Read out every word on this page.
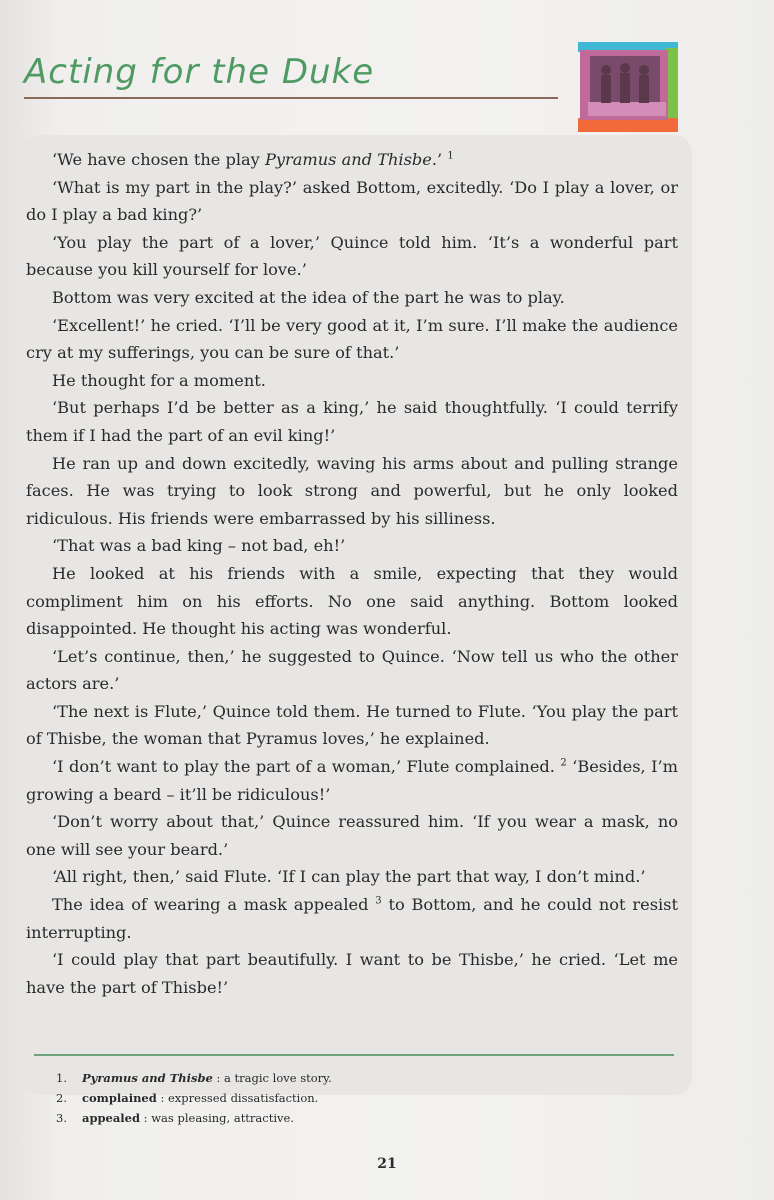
Acting for the Duke

‘We have chosen the play Pyramus and Thisbe.’ $^1$

‘What is my part in the play?’ asked Bottom, excitedly. ‘Do I play a lover, or do I play a bad king?’

‘You play the part of a lover,’ Quince told him. ‘It’s a wonderful part because you kill yourself for love.’

Bottom was very excited at the idea of the part he was to play.

‘Excellent!’ he cried. ‘I’ll be very good at it, I’m sure. I’ll make the audience cry at my sufferings, you can be sure of that.’

He thought for a moment.

‘But perhaps I’d be better as a king,’ he said thoughtfully. ‘I could terrify them if I had the part of an evil king!’

He ran up and down excitedly, waving his arms about and pulling strange faces. He was trying to look strong and powerful, but he only looked ridiculous. His friends were embarrassed by his silliness.

‘That was a bad king – not bad, eh!’

He looked at his friends with a smile, expecting that they would compliment him on his efforts. No one said anything. Bottom looked disappointed. He thought his acting was wonderful.

‘Let’s continue, then,’ he suggested to Quince. ‘Now tell us who the other actors are.’

‘The next is Flute,’ Quince told them. He turned to Flute. ‘You play the part of Thisbe, the woman that Pyramus loves,’ he explained.

‘I don’t want to play the part of a woman,’ Flute complained. $^2$ ‘Besides, I’m growing a beard – it’ll be ridiculous!’

‘Don’t worry about that,’ Quince reassured him. ‘If you wear a mask, no one will see your beard.’

‘All right, then,’ said Flute. ‘If I can play the part that way, I don’t mind.’

The idea of wearing a mask appealed $^3$ to Bottom, and he could not resist interrupting.

‘I could play that part beautifully. I want to be Thisbe,’ he cried. ‘Let me have the part of Thisbe!’

1.	Pyramus and Thisbe : a tragic love story.
2.	complained : expressed dissatisfaction.
3.	appealed : was pleasing, attractive.
21
